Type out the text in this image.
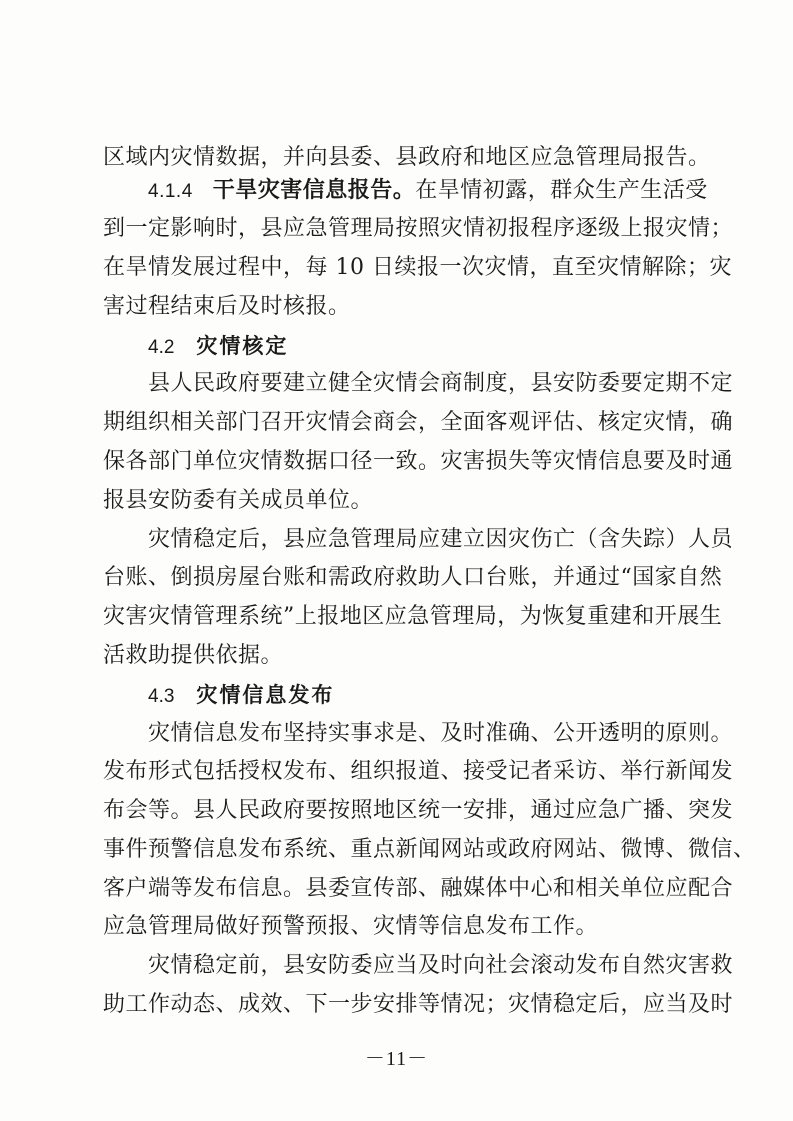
区域内灾情数据，并向县委、县政府和地区应急管理局报告。
4.1.4 干旱灾害信息报告。在旱情初露，群众生产生活受
到一定影响时，县应急管理局按照灾情初报程序逐级上报灾情；
在旱情发展过程中，每 10 日续报一次灾情，直至灾情解除；灾
害过程结束后及时核报。
4.2 灾情核定
县人民政府要建立健全灾情会商制度，县安防委要定期不定
期组织相关部门召开灾情会商会，全面客观评估、核定灾情，确
保各部门单位灾情数据口径一致。灾害损失等灾情信息要及时通
报县安防委有关成员单位。
灾情稳定后，县应急管理局应建立因灾伤亡（含失踪）人员
台账、倒损房屋台账和需政府救助人口台账，并通过“国家自然
灾害灾情管理系统”上报地区应急管理局，为恢复重建和开展生
活救助提供依据。
4.3 灾情信息发布
灾情信息发布坚持实事求是、及时准确、公开透明的原则。
发布形式包括授权发布、组织报道、接受记者采访、举行新闻发
布会等。县人民政府要按照地区统一安排，通过应急广播、突发
事件预警信息发布系统、重点新闻网站或政府网站、微博、微信、
客户端等发布信息。县委宣传部、融媒体中心和相关单位应配合
应急管理局做好预警预报、灾情等信息发布工作。
灾情稳定前，县安防委应当及时向社会滚动发布自然灾害救
助工作动态、成效、下一步安排等情况；灾情稳定后，应当及时
－11－
